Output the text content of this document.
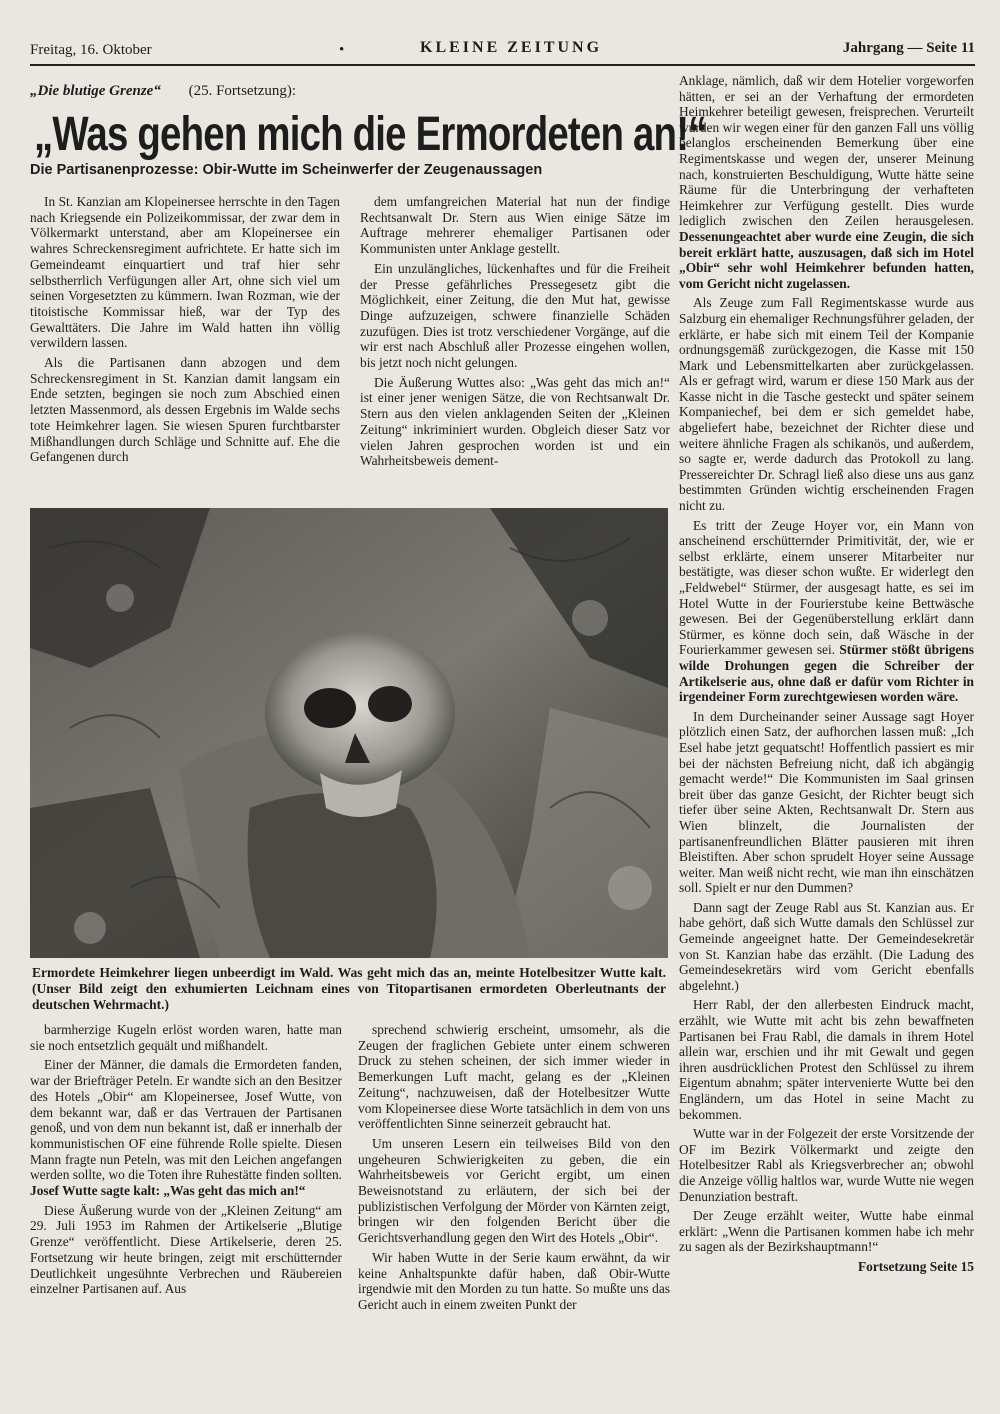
Freitag, 16. Oktober	•	KLEINE ZEITUNG	Jahrgang — Seite 11
„Die blutige Grenze“ (25. Fortsetzung):
„Was gehen mich die Ermordeten an!“
Die Partisanenprozesse: Obir-Wutte im Scheinwerfer der Zeugenaussagen

In St. Kanzian am Klopeinersee herrschte in den Tagen nach Kriegsende ein Polizeikommissar, der zwar dem in Völkermarkt unterstand, aber am Klopeinersee ein wahres Schreckensregiment aufrichtete. Er hatte sich im Gemeindeamt einquartiert und traf hier sehr selbstherrlich Verfügungen aller Art, ohne sich viel um seinen Vorgesetzten zu kümmern. Iwan Rozman, wie der titoistische Kommissar hieß, war der Typ des Gewalttäters. Die Jahre im Wald hatten ihn völlig verwildern lassen.

Als die Partisanen dann abzogen und dem Schreckensregiment in St. Kanzian damit langsam ein Ende setzten, begingen sie noch zum Abschied einen letzten Massenmord, als dessen Ergebnis im Walde sechs tote Heimkehrer lagen. Sie wiesen Spuren furchtbarster Mißhandlungen durch Schläge und Schnitte auf. Ehe die Gefangenen durch

dem umfangreichen Material hat nun der findige Rechtsanwalt Dr. Stern aus Wien einige Sätze im Auftrage mehrerer ehemaliger Partisanen oder Kommunisten unter Anklage gestellt.

Ein unzulängliches, lückenhaftes und für die Freiheit der Presse gefährliches Pressegesetz gibt die Möglichkeit, einer Zeitung, die den Mut hat, gewisse Dinge aufzuzeigen, schwere finanzielle Schäden zuzufügen. Dies ist trotz verschiedener Vorgänge, auf die wir erst nach Abschluß aller Prozesse eingehen wollen, bis jetzt noch nicht gelungen.

Die Äußerung Wuttes also: „Was geht das mich an!“ ist einer jener wenigen Sätze, die von Rechtsanwalt Dr. Stern aus den vielen anklagenden Seiten der „Kleinen Zeitung“ inkriminiert wurden. Obgleich dieser Satz vor vielen Jahren gesprochen worden ist und ein Wahrheitsbeweis dement-

Ermordete Heimkehrer liegen unbeerdigt im Wald. Was geht mich das an, meinte Hotelbesitzer Wutte kalt. (Unser Bild zeigt den exhumierten Leichnam eines von Titopartisanen ermordeten Oberleutnants der deutschen Wehrmacht.)

barmherzige Kugeln erlöst worden waren, hatte man sie noch entsetzlich gequält und mißhandelt.

Einer der Männer, die damals die Ermordeten fanden, war der Briefträger Peteln. Er wandte sich an den Besitzer des Hotels „Obir“ am Klopeinersee, Josef Wutte, von dem bekannt war, daß er das Vertrauen der Partisanen genoß, und von dem nun bekannt ist, daß er innerhalb der kommunistischen OF eine führende Rolle spielte. Diesen Mann fragte nun Peteln, was mit den Leichen angefangen werden sollte, wo die Toten ihre Ruhestätte finden sollten. Josef Wutte sagte kalt: „Was geht das mich an!“

Diese Äußerung wurde von der „Kleinen Zeitung“ am 29. Juli 1953 im Rahmen der Artikelserie „Blutige Grenze“ veröffentlicht. Diese Artikelserie, deren 25. Fortsetzung wir heute bringen, zeigt mit erschütternder Deutlichkeit ungesühnte Verbrechen und Räubereien einzelner Partisanen auf. Aus

sprechend schwierig erscheint, umsomehr, als die Zeugen der fraglichen Gebiete unter einem schweren Druck zu stehen scheinen, der sich immer wieder in Bemerkungen Luft macht, gelang es der „Kleinen Zeitung“, nachzuweisen, daß der Hotelbesitzer Wutte vom Klopeinersee diese Worte tatsächlich in dem von uns veröffentlichten Sinne seinerzeit gebraucht hat.

Um unseren Lesern ein teilweises Bild von den ungeheuren Schwierigkeiten zu geben, die ein Wahrheitsbeweis vor Gericht ergibt, um einen Beweisnotstand zu erläutern, der sich bei der publizistischen Verfolgung der Mörder von Kärnten zeigt, bringen wir den folgenden Bericht über die Gerichtsverhandlung gegen den Wirt des Hotels „Obir“.

Wir haben Wutte in der Serie kaum erwähnt, da wir keine Anhaltspunkte dafür haben, daß Obir-Wutte irgendwie mit den Morden zu tun hatte. So mußte uns das Gericht auch in einem zweiten Punkt der

Anklage, nämlich, daß wir dem Hotelier vorgeworfen hätten, er sei an der Verhaftung der ermordeten Heimkehrer beteiligt gewesen, freisprechen. Verurteilt wurden wir wegen einer für den ganzen Fall uns völlig belanglos erscheinenden Bemerkung über eine Regimentskasse und wegen der, unserer Meinung nach, konstruierten Beschuldigung, Wutte hätte seine Räume für die Unterbringung der verhafteten Heimkehrer zur Verfügung gestellt. Dies wurde lediglich zwischen den Zeilen herausgelesen. Dessenungeachtet aber wurde eine Zeugin, die sich bereit erklärt hatte, auszusagen, daß sich im Hotel „Obir“ sehr wohl Heimkehrer befunden hatten, vom Gericht nicht zugelassen.

Als Zeuge zum Fall Regimentskasse wurde aus Salzburg ein ehemaliger Rechnungsführer geladen, der erklärte, er habe sich mit einem Teil der Kompanie ordnungsgemäß zurückgezogen, die Kasse mit 150 Mark und Lebensmittelkarten aber zurückgelassen. Als er gefragt wird, warum er diese 150 Mark aus der Kasse nicht in die Tasche gesteckt und später seinem Kompaniechef, bei dem er sich gemeldet habe, abgeliefert habe, bezeichnet der Richter diese und weitere ähnliche Fragen als schikanös, und außerdem, so sagte er, werde dadurch das Protokoll zu lang. Pressereichter Dr. Schragl ließ also diese uns aus ganz bestimmten Gründen wichtig erscheinenden Fragen nicht zu.

Es tritt der Zeuge Hoyer vor, ein Mann von anscheinend erschütternder Primitivität, der, wie er selbst erklärte, einem unserer Mitarbeiter nur bestätigte, was dieser schon wußte. Er widerlegt den „Feldwebel“ Stürmer, der ausgesagt hatte, es sei im Hotel Wutte in der Fourierstube keine Bettwäsche gewesen. Bei der Gegenüberstellung erklärt dann Stürmer, es könne doch sein, daß Wäsche in der Fourierkammer gewesen sei. Stürmer stößt übrigens wilde Drohungen gegen die Schreiber der Artikelserie aus, ohne daß er dafür vom Richter in irgendeiner Form zurechtgewiesen worden wäre.

In dem Durcheinander seiner Aussage sagt Hoyer plötzlich einen Satz, der aufhorchen lassen muß: „Ich Esel habe jetzt gequatscht! Hoffentlich passiert es mir bei der nächsten Befreiung nicht, daß ich abgängig gemacht werde!“ Die Kommunisten im Saal grinsen breit über das ganze Gesicht, der Richter beugt sich tiefer über seine Akten, Rechtsanwalt Dr. Stern aus Wien blinzelt, die Journalisten der partisanenfreundlichen Blätter pausieren mit ihren Bleistiften. Aber schon sprudelt Hoyer seine Aussage weiter. Man weiß nicht recht, wie man ihn einschätzen soll. Spielt er nur den Dummen?

Dann sagt der Zeuge Rabl aus St. Kanzian aus. Er habe gehört, daß sich Wutte damals den Schlüssel zur Gemeinde angeeignet hatte. Der Gemeindesekretär von St. Kanzian habe das erzählt. (Die Ladung des Gemeindesekretärs wird vom Gericht ebenfalls abgelehnt.)

Herr Rabl, der den allerbesten Eindruck macht, erzählt, wie Wutte mit acht bis zehn bewaffneten Partisanen bei Frau Rabl, die damals in ihrem Hotel allein war, erschien und ihr mit Gewalt und gegen ihren ausdrücklichen Protest den Schlüssel zu ihrem Eigentum abnahm; später intervenierte Wutte bei den Engländern, um das Hotel in seine Macht zu bekommen.

Wutte war in der Folgezeit der erste Vorsitzende der OF im Bezirk Völkermarkt und zeigte den Hotelbesitzer Rabl als Kriegsverbrecher an; obwohl die Anzeige völlig haltlos war, wurde Wutte nie wegen Denunziation bestraft.

Der Zeuge erzählt weiter, Wutte habe einmal erklärt: „Wenn die Partisanen kommen habe ich mehr zu sagen als der Bezirkshauptmann!“

Fortsetzung Seite 15
